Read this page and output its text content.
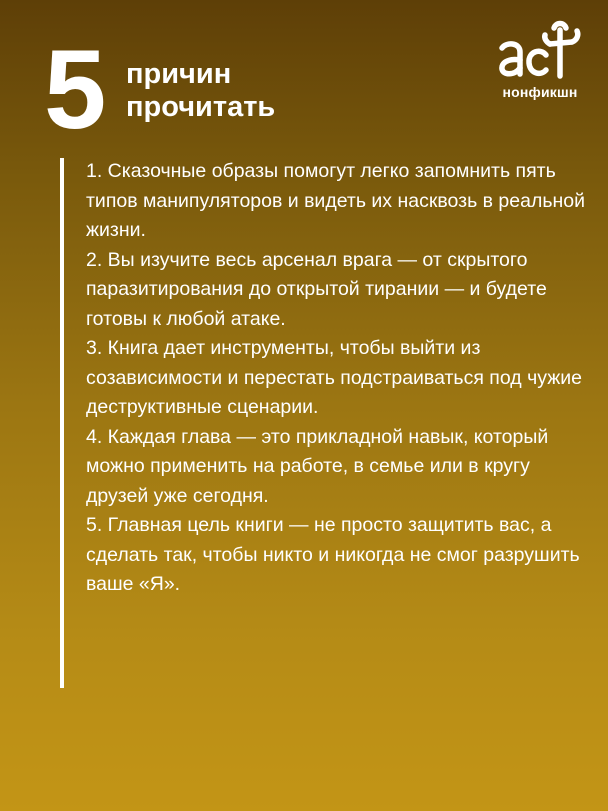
5 причин
прочитать	нонфикшн
1. Сказочные образы помогут легко запомнить пять типов манипуляторов и видеть их насквозь в реальной жизни.
2. Вы изучите весь арсенал врага — от скрытого паразитирования до открытой тирании — и будете готовы к любой атаке.
3. Книга дает инструменты, чтобы выйти из созависимости и перестать подстраиваться под чужие деструктивные сценарии.
4. Каждая глава — это прикладной навык, который можно применить на работе, в семье или в кругу друзей уже сегодня.
5. Главная цель книги — не просто защитить вас, а сделать так, чтобы никто и никогда не смог разрушить ваше «Я».
